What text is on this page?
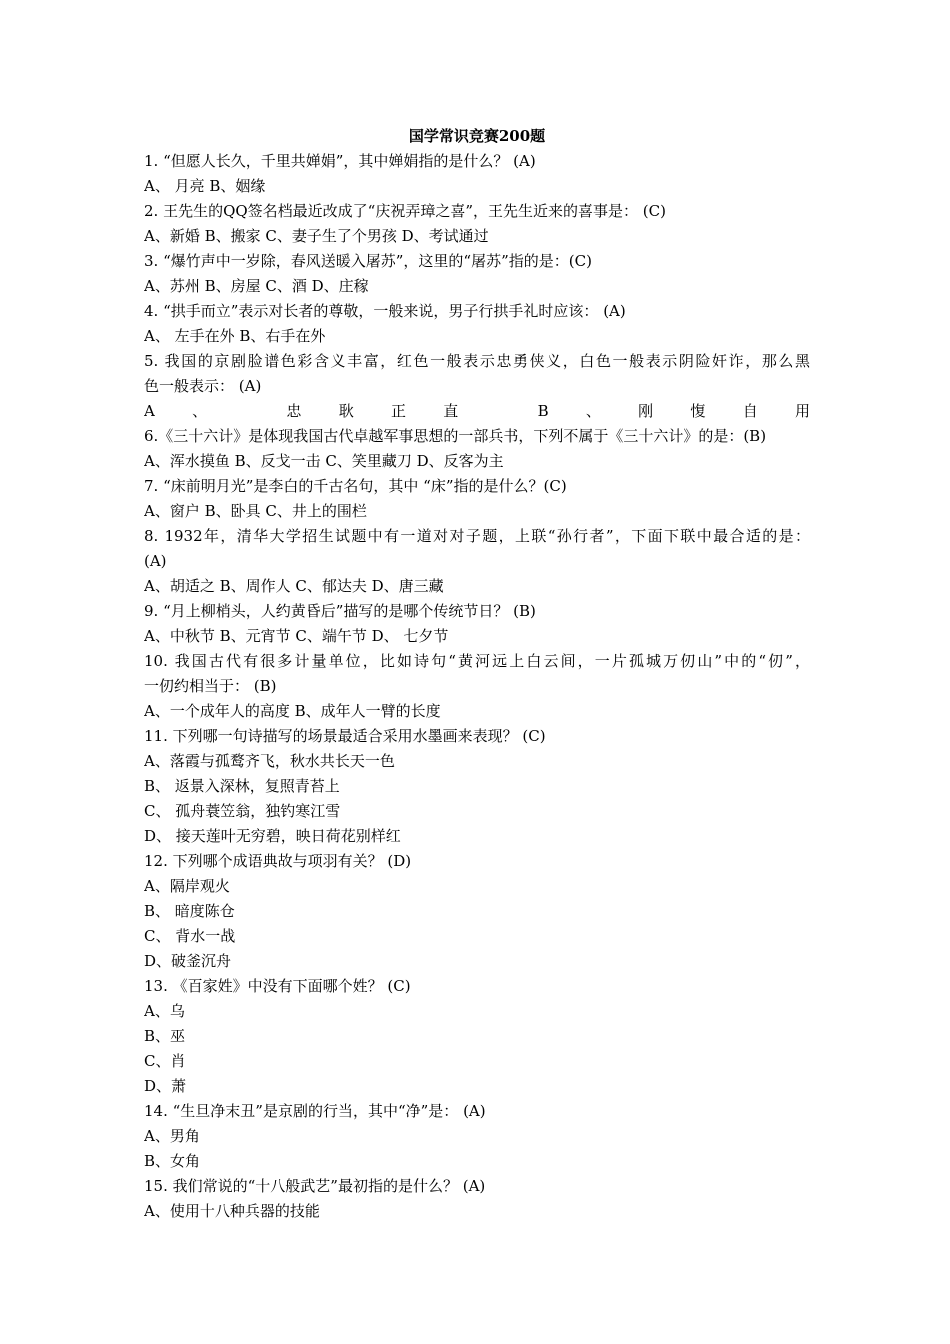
国学常识竞赛200题
1. “但愿人长久，千里共婵娟”，其中婵娟指的是什么？ (A)
A、 月亮 B、姻缘
2. 王先生的QQ签名档最近改成了“庆祝弄璋之喜”，王先生近来的喜事是： (C)
A、新婚 B、搬家 C、妻子生了个男孩 D、考试通过
3. “爆竹声中一岁除，春风送暖入屠苏”，这里的“屠苏”指的是：(C)
A、苏州 B、房屋 C、酒 D、庄稼
4. “拱手而立”表示对长者的尊敬，一般来说，男子行拱手礼时应该： (A)
A、 左手在外 B、右手在外
5. 我国的京剧脸谱色彩含义丰富，红色一般表示忠勇侠义，白色一般表示阴险奸诈，那么黑
色一般表示： (A)
A、 忠耿正直 B、刚愎自用
6.《三十六计》是体现我国古代卓越军事思想的一部兵书，下列不属于《三十六计》的是：(B)
A、浑水摸鱼 B、反戈一击 C、笑里藏刀 D、反客为主
7. “床前明月光”是李白的千古名句，其中 “床”指的是什么？(C)
A、窗户 B、卧具 C、井上的围栏
8. 1932年，清华大学招生试题中有一道对对子题，上联“孙行者”，下面下联中最合适的是：
(A)
A、胡适之 B、周作人 C、郁达夫 D、唐三藏
9. “月上柳梢头，人约黄昏后”描写的是哪个传统节日？ (B)
A、中秋节 B、元宵节 C、端午节 D、 七夕节
10. 我国古代有很多计量单位，比如诗句“黄河远上白云间，一片孤城万仞山”中的“仞”，
一仞约相当于： (B)
A、一个成年人的高度 B、成年人一臂的长度
11. 下列哪一句诗描写的场景最适合采用水墨画来表现？ (C)
A、落霞与孤鹜齐飞，秋水共长天一色
B、 返景入深林，复照青苔上
C、 孤舟蓑笠翁，独钓寒江雪
D、 接天莲叶无穷碧，映日荷花别样红
12. 下列哪个成语典故与项羽有关？ (D)
A、隔岸观火
B、 暗度陈仓
C、 背水一战
D、破釜沉舟
13. 《百家姓》中没有下面哪个姓？ (C)
A、乌
B、巫
C、肖
D、萧
14. “生旦净末丑”是京剧的行当，其中“净”是： (A)
A、男角
B、女角
15. 我们常说的“十八般武艺”最初指的是什么？ (A)
A、使用十八种兵器的技能
